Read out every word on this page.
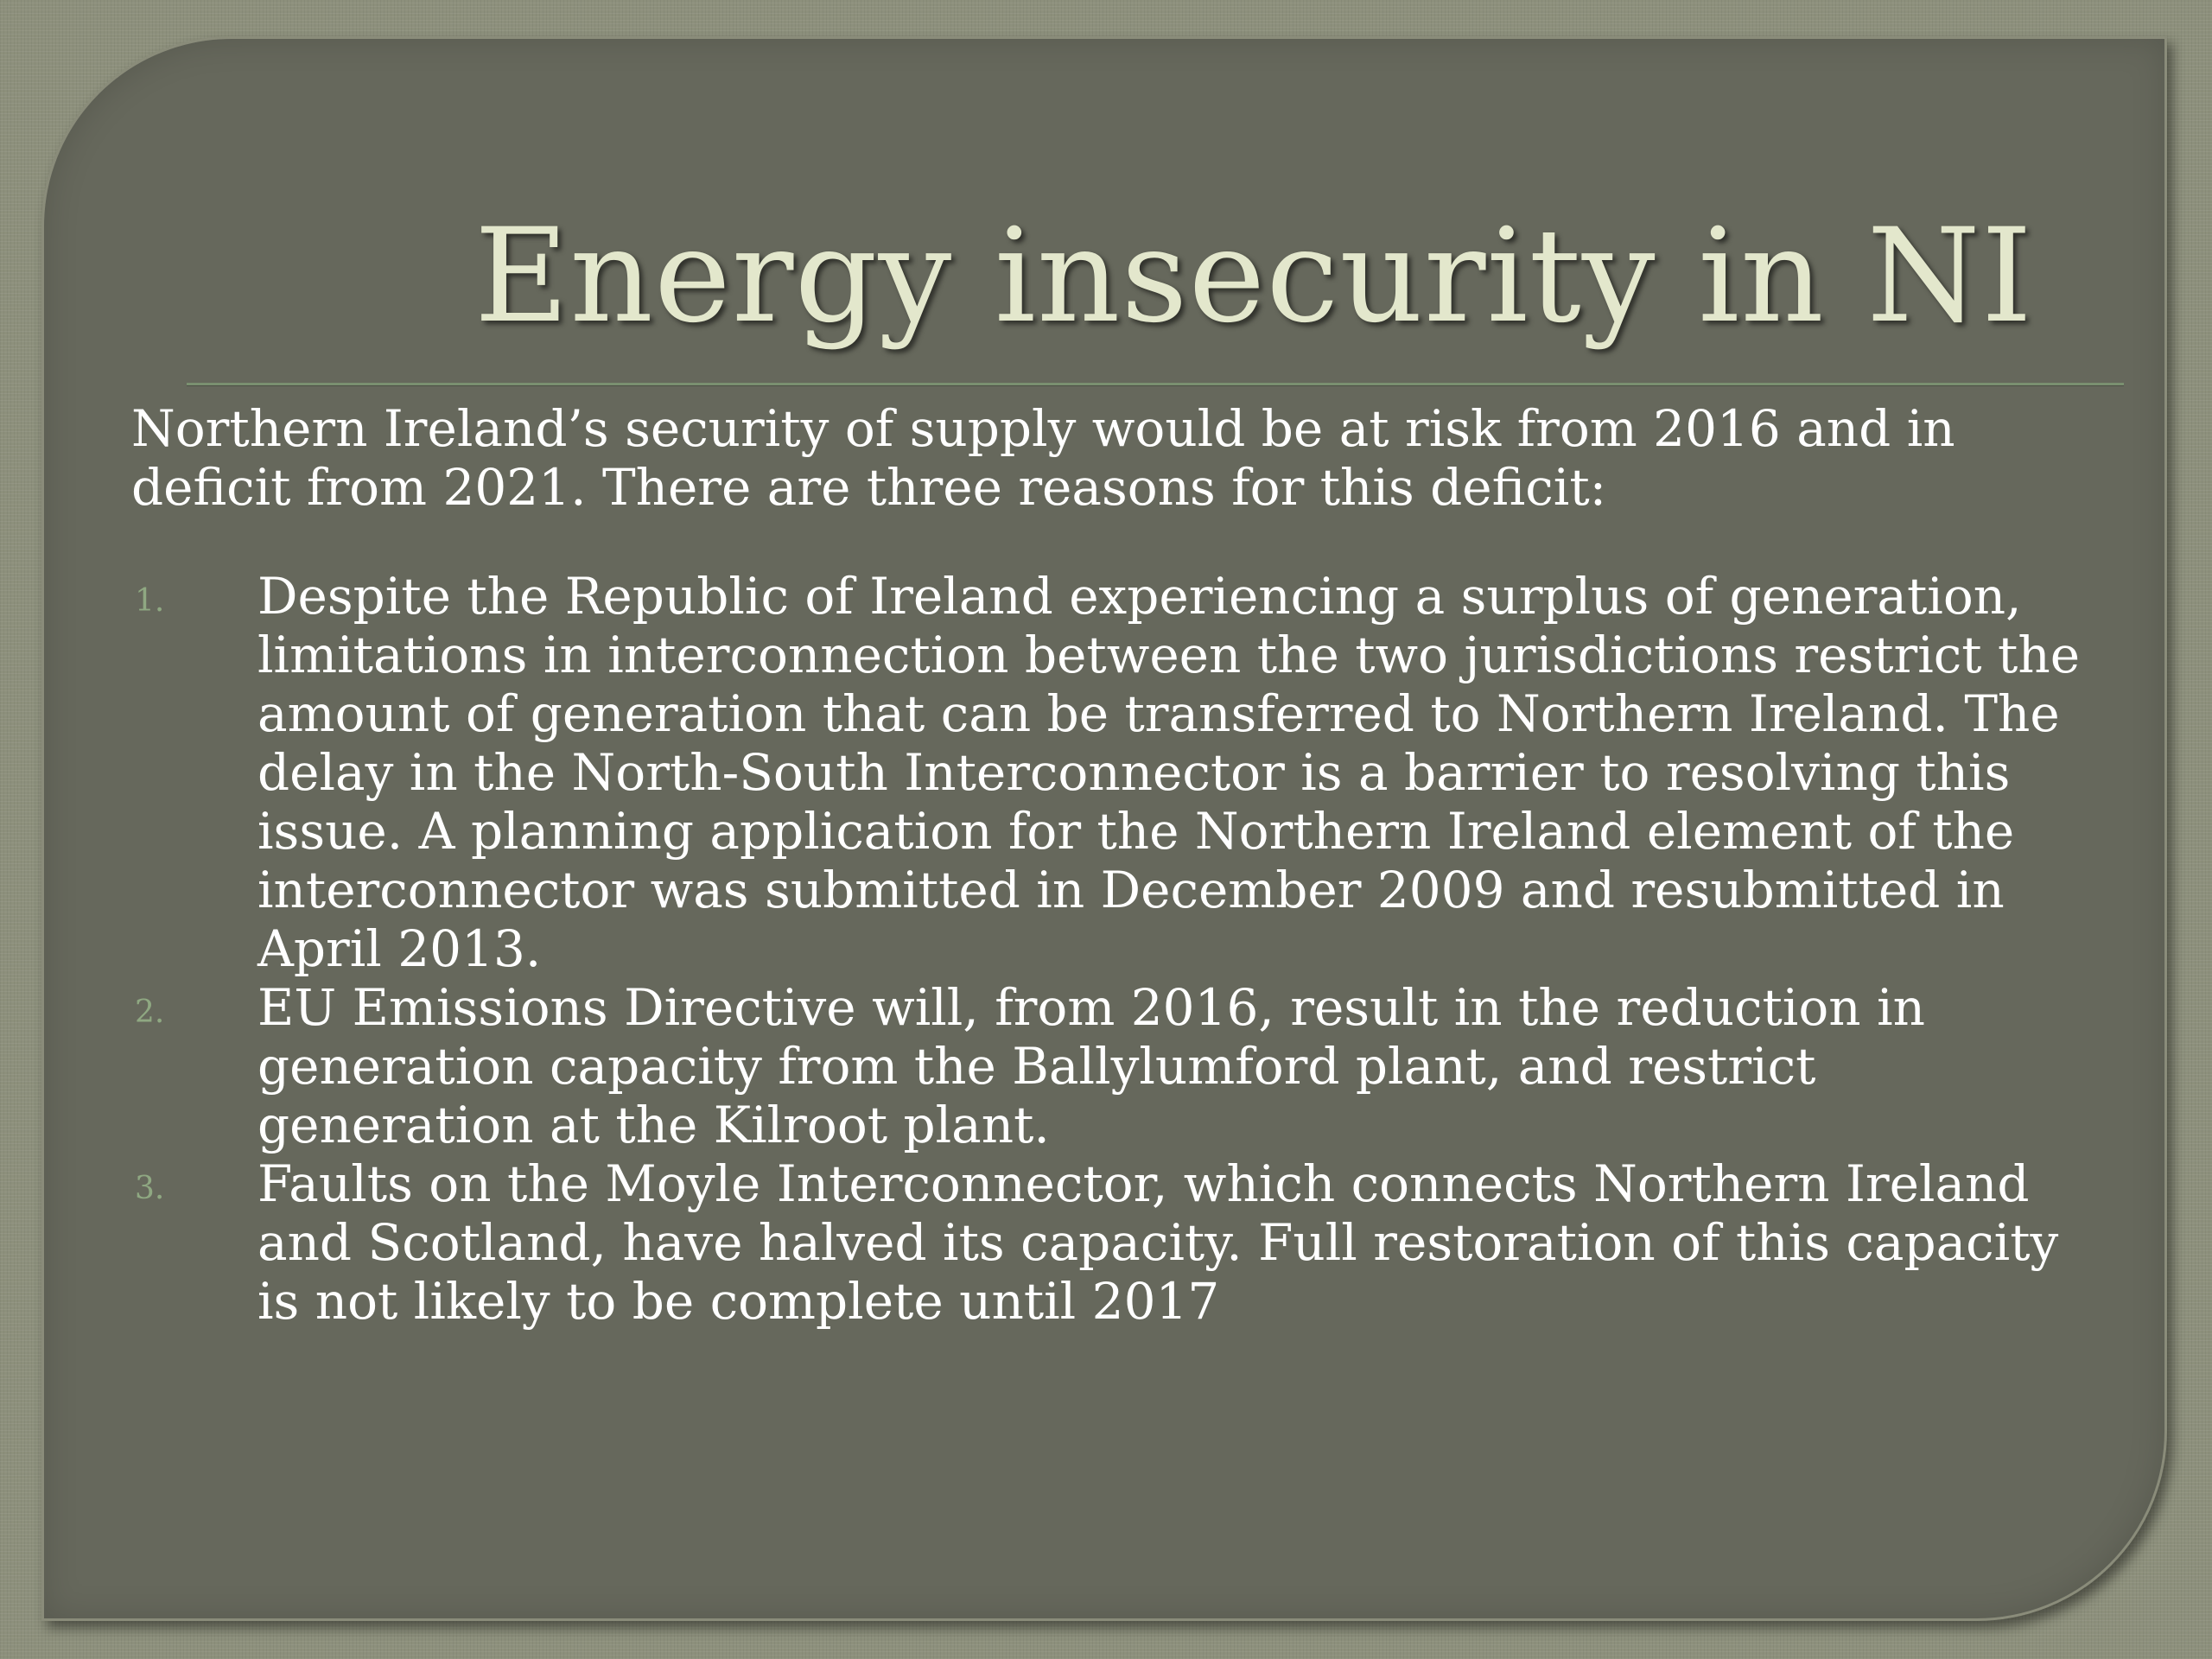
Energy insecurity in NI

Northern Ireland’s security of supply would be at risk from 2016 and in deficit from 2021. There are three reasons for this deficit:

1. Despite the Republic of Ireland experiencing a surplus of generation, limitations in interconnection between the two jurisdictions restrict the amount of generation that can be transferred to Northern Ireland. The delay in the North-South Interconnector is a barrier to resolving this issue. A planning application for the Northern Ireland element of the interconnector was submitted in December 2009 and resubmitted in April 2013.
2. EU Emissions Directive will, from 2016, result in the reduction in generation capacity from the Ballylumford plant, and restrict generation at the Kilroot plant.
3. Faults on the Moyle Interconnector, which connects Northern Ireland and Scotland, have halved its capacity. Full restoration of this capacity is not likely to be complete until 2017
